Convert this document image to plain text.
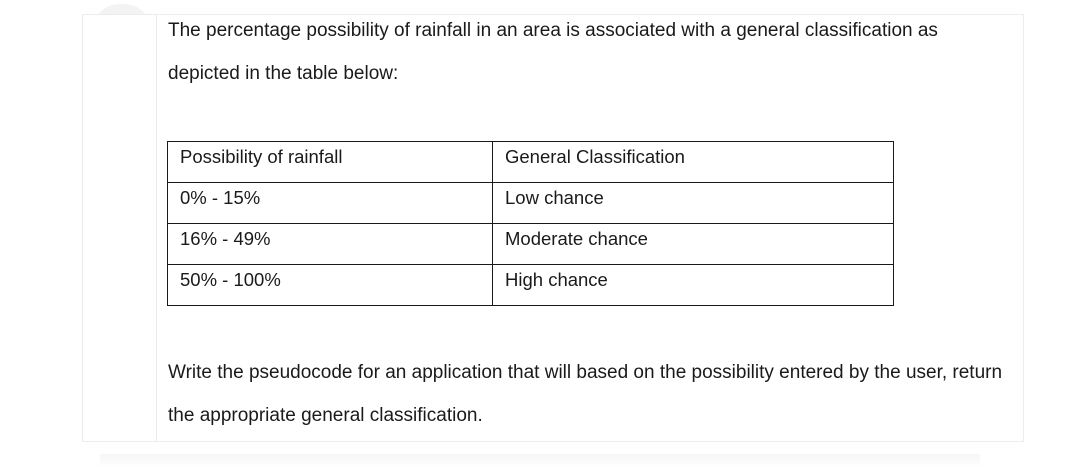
The percentage possibility of rainfall in an area is associated with a general classification as depicted in the table below:

Possibility of rainfall	General Classification
0% - 15%	Low chance
16% - 49%	Moderate chance
50% - 100%	High chance

Write the pseudocode for an application that will based on the possibility entered by the user, return the appropriate general classification.
